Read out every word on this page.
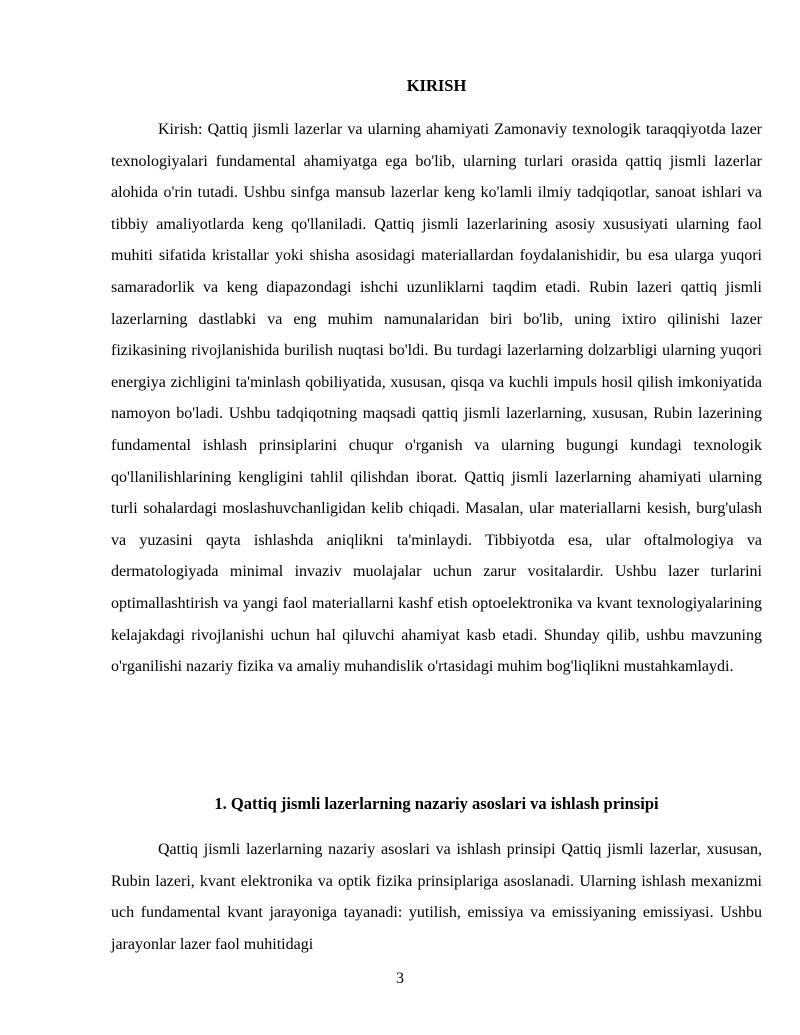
KIRISH

Kirish: Qattiq jismli lazerlar va ularning ahamiyati Zamonaviy texnologik taraqqiyotda lazer texnologiyalari fundamental ahamiyatga ega bo'lib, ularning turlari orasida qattiq jismli lazerlar alohida o'rin tutadi. Ushbu sinfga mansub lazerlar keng ko'lamli ilmiy tadqiqotlar, sanoat ishlari va tibbiy amaliyotlarda keng qo'llaniladi. Qattiq jismli lazerlarining asosiy xususiyati ularning faol muhiti sifatida kristallar yoki shisha asosidagi materiallardan foydalanishidir, bu esa ularga yuqori samaradorlik va keng diapazondagi ishchi uzunliklarni taqdim etadi. Rubin lazeri qattiq jismli lazerlarning dastlabki va eng muhim namunalaridan biri bo'lib, uning ixtiro qilinishi lazer fizikasining rivojlanishida burilish nuqtasi bo'ldi. Bu turdagi lazerlarning dolzarbligi ularning yuqori energiya zichligini ta'minlash qobiliyatida, xususan, qisqa va kuchli impuls hosil qilish imkoniyatida namoyon bo'ladi. Ushbu tadqiqotning maqsadi qattiq jismli lazerlarning, xususan, Rubin lazerining fundamental ishlash prinsiplarini chuqur o'rganish va ularning bugungi kundagi texnologik qo'llanilishlarining kengligini tahlil qilishdan iborat. Qattiq jismli lazerlarning ahamiyati ularning turli sohalardagi moslashuvchanligidan kelib chiqadi. Masalan, ular materiallarni kesish, burg'ulash va yuzasini qayta ishlashda aniqlikni ta'minlaydi. Tibbiyotda esa, ular oftalmologiya va dermatologiyada minimal invaziv muolajalar uchun zarur vositalardir. Ushbu lazer turlarini optimallashtirish va yangi faol materiallarni kashf etish optoelektronika va kvant texnologiyalarining kelajakdagi rivojlanishi uchun hal qiluvchi ahamiyat kasb etadi. Shunday qilib, ushbu mavzuning o'rganilishi nazariy fizika va amaliy muhandislik o'rtasidagi muhim bog'liqlikni mustahkamlaydi.

1. Qattiq jismli lazerlarning nazariy asoslari va ishlash prinsipi

Qattiq jismli lazerlarning nazariy asoslari va ishlash prinsipi Qattiq jismli lazerlar, xususan, Rubin lazeri, kvant elektronika va optik fizika prinsiplariga asoslanadi. Ularning ishlash mexanizmi uch fundamental kvant jarayoniga tayanadi: yutilish, emissiya va emissiyaning emissiyasi. Ushbu jarayonlar lazer faol muhitidagi

3
